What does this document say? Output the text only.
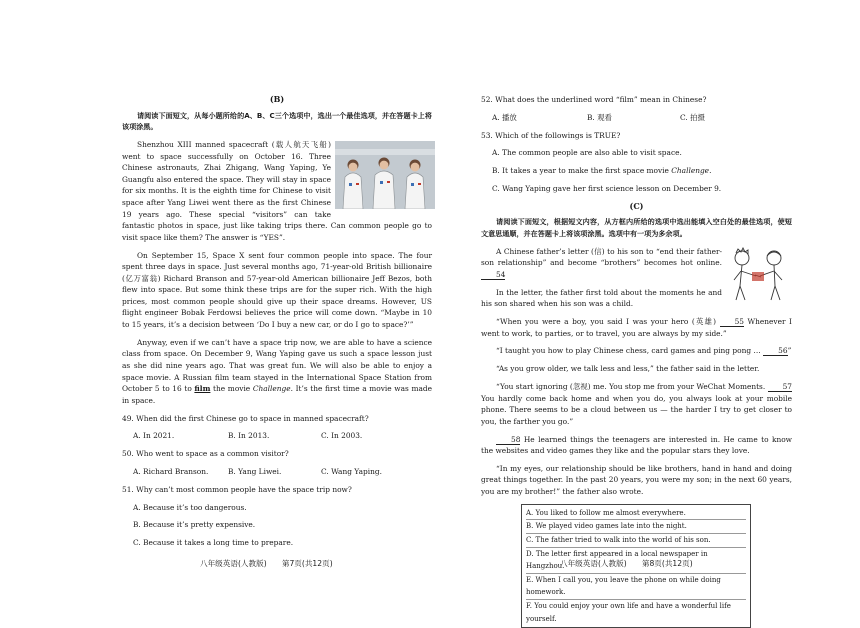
(B)

请阅读下面短文，从每小题所给的A、B、C三个选项中，选出一个最佳选项，并在答题卡上将该项涂黑。

Shenzhou XIII manned spacecraft (载人航天飞船) went to space successfully on October 16. Three Chinese astronauts, Zhai Zhigang, Wang Yaping, Ye Guangfu also entered the space. They will stay in space for six months. It is the eighth time for Chinese to visit space after Yang Liwei went there as the first Chinese 19 years ago. These special “visitors” can take fantastic photos in space, just like taking trips there. Can common people go to visit space like them? The answer is “YES”.

On September 15, Space X sent four common people into space. The four spent three days in space. Just several months ago, 71-year-old British billionaire (亿万富翁) Richard Branson and 57-year-old American billionaire Jeff Bezos, both flew into space. But some think these trips are for the super rich. With the high prices, most common people should give up their space dreams. However, US flight engineer Bobak Ferdowsi believes the price will come down. “Maybe in 10 to 15 years, it’s a decision between ‘Do I buy a new car, or do I go to space?’”

Anyway, even if we can’t have a space trip now, we are able to have a science class from space. On December 9, Wang Yaping gave us such a space lesson just as she did nine years ago. That was great fun. We will also be able to enjoy a space movie. A Russian film team stayed in the International Space Station from October 5 to 16 to film the movie Challenge. It’s the first time a movie was made in space.

49. When did the first Chinese go to space in manned spacecraft?
A. In 2021.	B. In 2013.	C. In 2003.
50. Who went to space as a common visitor?
A. Richard Branson.	B. Yang Liwei.	C. Wang Yaping.
51. Why can’t most common people have the space trip now?
A. Because it’s too dangerous.
B. Because it’s pretty expensive.
C. Because it takes a long time to prepare.
52. What does the underlined word “film” mean in Chinese?
A. 播放	B. 观看	C. 拍摄
53. Which of the followings is TRUE?
A. The common people are also able to visit space.
B. It takes a year to make the first space movie Challenge.
C. Wang Yaping gave her first science lesson on December 9.
(C)

请阅读下面短文，根据短文内容，从方框内所给的选项中选出能填入空白处的最佳选项，使短文意思通顺，并在答题卡上将该项涂黑。选项中有一项为多余项。

A Chinese father’s letter (信) to his son to “end their father-son relationship” and become “brothers” becomes hot online. 54

In the letter, the father first told about the moments he and his son shared when his son was a child.

“When you were a boy, you said I was your hero (英雄)	55 Whenever I went to work, to parties, or to travel, you are always by my side.”

“I taught you how to play Chinese chess, card games and ping pong … 56”

“As you grow older, we talk less and less,” the father said in the letter.

“You start ignoring (忽视) me. You stop me from your WeChat Moments. 57 You hardly come back home and when you do, you always look at your mobile phone. There seems to be a cloud between us — the harder I try to get closer to you, the farther you go.”

58 He learned things the teenagers are interested in. He came to know the websites and video games they like and the popular stars they love.

“In my eyes, our relationship should be like brothers, hand in hand and doing great things together. In the past 20 years, you were my son; in the next 60 years, you are my brother!” the father also wrote.

A. You liked to follow me almost everywhere.
B. We played video games late into the night.
C. The father tried to walk into the world of his son.
D. The letter first appeared in a local newspaper in Hangzhou.
E. When I call you, you leave the phone on while doing homework.
F. You could enjoy your own life and have a wonderful life yourself.
八年级英语(人教版)　　第7页(共12页)	八年级英语(人教版)　　第8页(共12页)
